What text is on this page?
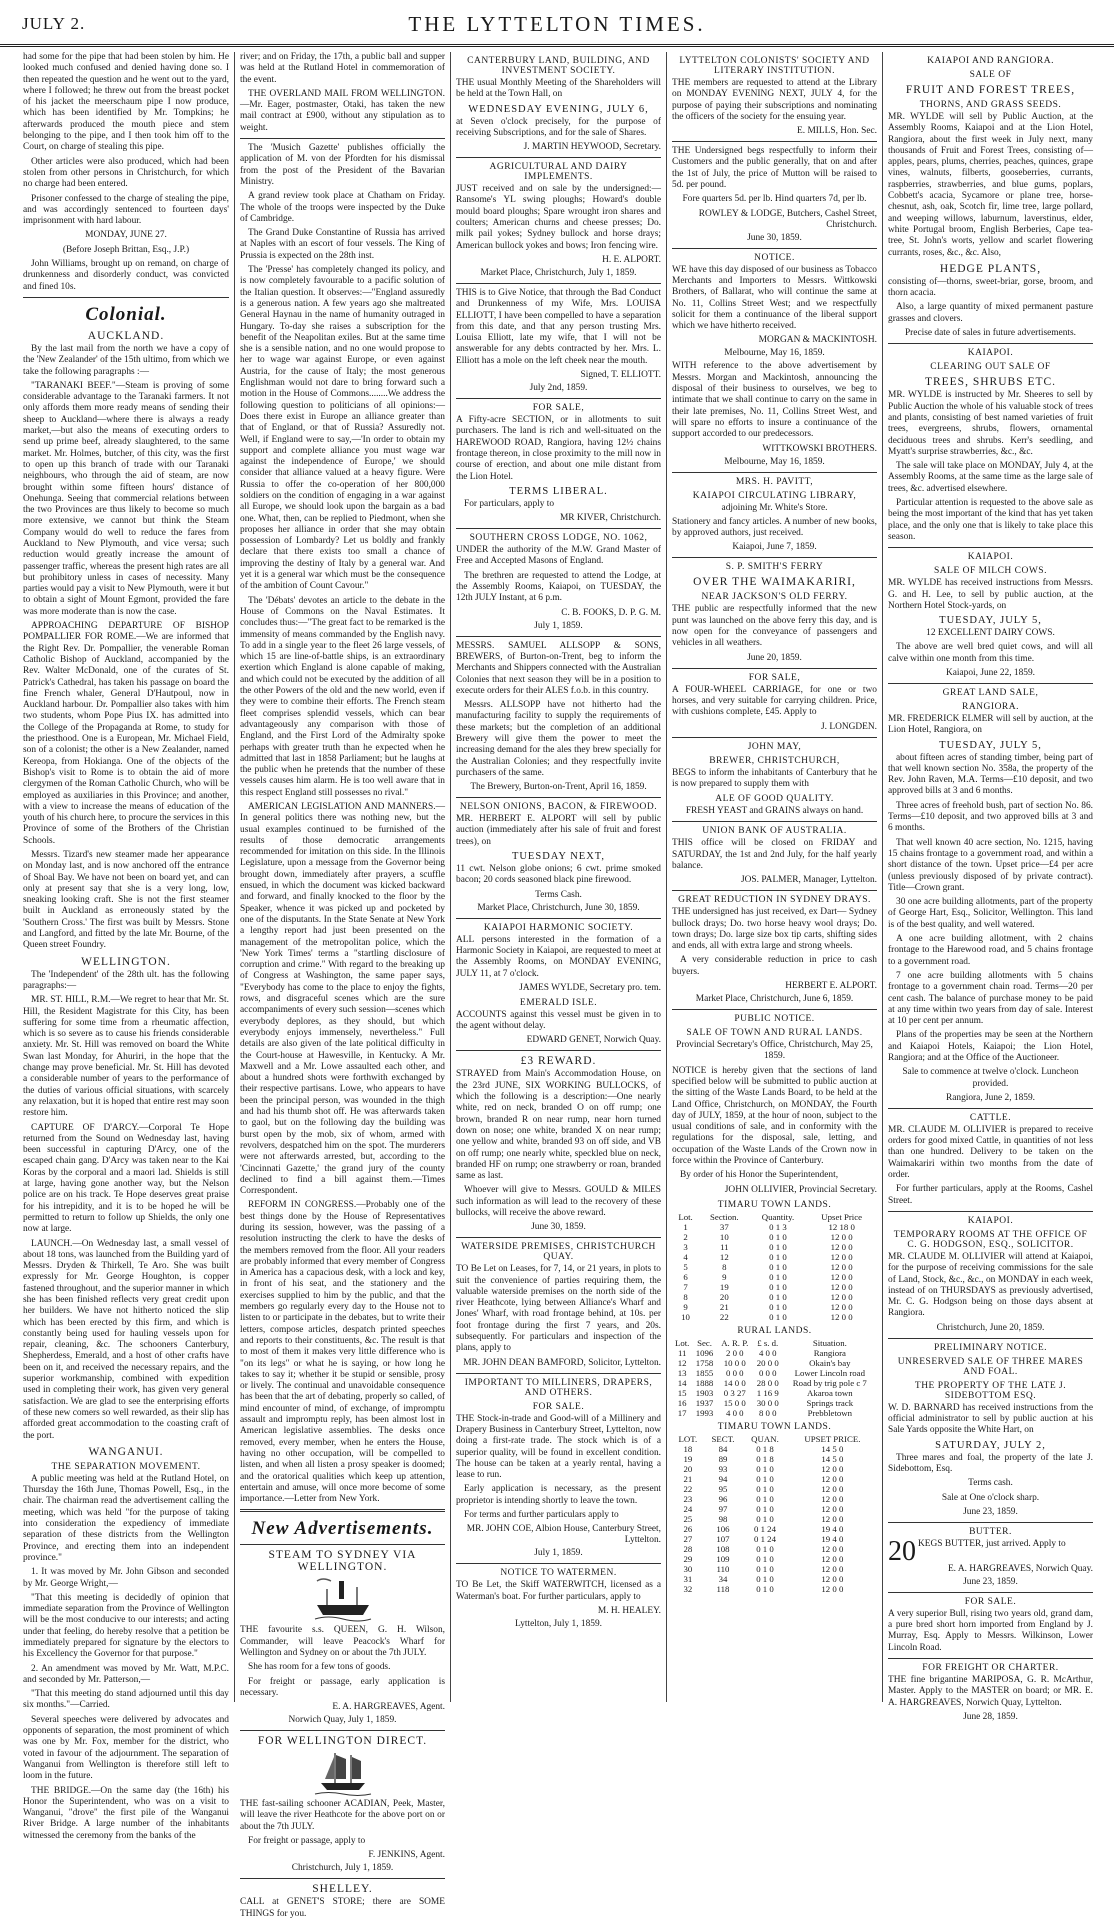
JULY 2.	THE LYTTELTON TIMES.

had some for the pipe that had been stolen by him. He looked much confused and denied having done so. I then repeated the question and he went out to the yard, where I followed; he threw out from the breast pocket of his jacket the meerschaum pipe I now produce, which has been identified by Mr. Tompkins; he afterwards produced the mouth piece and stem belonging to the pipe, and I then took him off to the Court, on charge of stealing this pipe.

Other articles were also produced, which had been stolen from other persons in Christchurch, for which no charge had been entered.

Prisoner confessed to the charge of stealing the pipe, and was accordingly sentenced to fourteen days' imprisonment with hard labour.

MONDAY, JUNE 27.

(Before Joseph Brittan, Esq., J.P.)

John Williams, brought up on remand, on charge of drunkenness and disorderly conduct, was convicted and fined 10s.

Colonial.
AUCKLAND.

By the last mail from the north we have a copy of the 'New Zealander' of the 15th ultimo, from which we take the following paragraphs :—

"TARANAKI BEEF."—Steam is proving of some considerable advantage to the Taranaki farmers. It not only affords them more ready means of sending their sheep to Auckland—where there is always a ready market,—but also the means of executing orders to send up prime beef, already slaughtered, to the same market. Mr. Holmes, butcher, of this city, was the first to open up this branch of trade with our Taranaki neighbours, who through the aid of steam, are now brought within some fifteen hours' distance of Onehunga. Seeing that commercial relations between the two Provinces are thus likely to become so much more extensive, we cannot but think the Steam Company would do well to reduce the fares from Auckland to New Plymouth, and vice versa; such reduction would greatly increase the amount of passenger traffic, whereas the present high rates are all but prohibitory unless in cases of necessity. Many parties would pay a visit to New Plymouth, were it but to obtain a sight of Mount Egmont, provided the fare was more moderate than is now the case.

APPROACHING DEPARTURE OF BISHOP POMPALLIER FOR ROME.—We are informed that the Right Rev. Dr. Pompallier, the venerable Roman Catholic Bishop of Auckland, accompanied by the Rev. Walter McDonald, one of the curates of St. Patrick's Cathedral, has taken his passage on board the fine French whaler, General D'Hautpoul, now in Auckland harbour. Dr. Pompallier also takes with him two students, whom Pope Pius IX. has admitted into the College of the Propaganda at Rome, to study for the priesthood. One is a European, Mr. Michael Field, son of a colonist; the other is a New Zealander, named Kereopa, from Hokianga. One of the objects of the Bishop's visit to Rome is to obtain the aid of more clergymen of the Roman Catholic Church, who will be employed as auxiliaries in this Province; and another, with a view to increase the means of education of the youth of his church here, to procure the services in this Province of some of the Brothers of the Christian Schools.

Messrs. Tizard's new steamer made her appearance on Monday last, and is now anchored off the entrance of Shoal Bay. We have not been on board yet, and can only at present say that she is a very long, low, sneaking looking craft. She is not the first steamer built in Auckland as erroneously stated by the 'Southern Cross.' The first was built by Messrs. Stone and Langford, and fitted by the late Mr. Bourne, of the Queen street Foundry.

WELLINGTON.

The 'Independent' of the 28th ult. has the following paragraphs:—

MR. ST. HILL, R.M.—We regret to hear that Mr. St. Hill, the Resident Magistrate for this City, has been suffering for some time from a rheumatic affection, which is so severe as to cause his friends considerable anxiety. Mr. St. Hill was removed on board the White Swan last Monday, for Ahuriri, in the hope that the change may prove beneficial. Mr. St. Hill has devoted a considerable number of years to the performance of the duties of various official situations, with scarcely any relaxation, but it is hoped that entire rest may soon restore him.

CAPTURE OF D'ARCY.—Corporal Te Hope returned from the Sound on Wednesday last, having been successful in capturing D'Arcy, one of the escaped chain gang. D'Arcy was taken near to the Kai Koras by the corporal and a maori lad. Shields is still at large, having gone another way, but the Nelson police are on his track. Te Hope deserves great praise for his intrepidity, and it is to be hoped he will be permitted to return to follow up Shields, the only one now at large.

LAUNCH.—On Wednesday last, a small vessel of about 18 tons, was launched from the Building yard of Messrs. Dryden & Thirkell, Te Aro. She was built expressly for Mr. George Houghton, is copper fastened throughout, and the superior manner in which she has been finished reflects very great credit upon her builders. We have not hitherto noticed the slip which has been erected by this firm, and which is constantly being used for hauling vessels upon for repair, cleaning, &c. The schooners Canterbury, Shepherdess, Emerald, and a host of other crafts have been on it, and received the necessary repairs, and the superior workmanship, combined with expedition used in completing their work, has given very general satisfaction. We are glad to see the enterprising efforts of these new comers so well rewarded, as their slip has afforded great accommodation to the coasting craft of the port.

WANGANUI.
THE SEPARATION MOVEMENT.

A public meeting was held at the Rutland Hotel, on Thursday the 16th June, Thomas Powell, Esq., in the chair. The chairman read the advertisement calling the meeting, which was held "for the purpose of taking into consideration the expediency of immediate separation of these districts from the Wellington Province, and erecting them into an independent province."

1. It was moved by Mr. John Gibson and seconded by Mr. George Wright,—

"That this meeting is decidedly of opinion that immediate separation from the Province of Wellington will be the most conducive to our interests; and acting under that feeling, do hereby resolve that a petition be immediately prepared for signature by the electors to his Excellency the Governor for that purpose."

2. An amendment was moved by Mr. Watt, M.P.C. and seconded by Mr. Patterson,—

"That this meeting do stand adjourned until this day six months."—Carried.

Several speeches were delivered by advocates and opponents of separation, the most prominent of which was one by Mr. Fox, member for the district, who voted in favour of the adjournment. The separation of Wanganui from Wellington is therefore still left to loom in the future.

THE BRIDGE.—On the same day (the 16th) his Honor the Superintendent, who was on a visit to Wanganui, "drove" the first pile of the Wanganui River Bridge. A large number of the inhabitants witnessed the ceremony from the banks of the

river; and on Friday, the 17th, a public ball and supper was held at the Rutland Hotel in commemoration of the event.

THE OVERLAND MAIL FROM WELLINGTON.—Mr. Eager, postmaster, Otaki, has taken the new mail contract at £900, without any stipulation as to weight.

The 'Musich Gazette' publishes officially the application of M. von der Pfordten for his dismissal from the post of the President of the Bavarian Ministry.

A grand review took place at Chatham on Friday. The whole of the troops were inspected by the Duke of Cambridge.

The Grand Duke Constantine of Russia has arrived at Naples with an escort of four vessels. The King of Prussia is expected on the 28th inst.

The 'Presse' has completely changed its policy, and is now completely favourable to a pacific solution of the Italian question. It observes:—"England assuredly is a generous nation. A few years ago she maltreated General Haynau in the name of humanity outraged in Hungary. To-day she raises a subscription for the benefit of the Neapolitan exiles. But at the same time she is a sensible nation, and no one would propose to her to wage war against Europe, or even against Austria, for the cause of Italy; the most generous Englishman would not dare to bring forward such a motion in the House of Commons........We address the following question to politicians of all opinions:—Does there exist in Europe an alliance greater than that of England, or that of Russia? Assuredly not. Well, if England were to say,—'In order to obtain my support and complete alliance you must wage war against the independence of Europe,' we should consider that alliance valued at a heavy figure. Were Russia to offer the co-operation of her 800,000 soldiers on the condition of engaging in a war against all Europe, we should look upon the bargain as a bad one. What, then, can be replied to Piedmont, when she proposes her alliance in order that she may obtain possession of Lombardy? Let us boldly and frankly declare that there exists too small a chance of improving the destiny of Italy by a general war. And yet it is a general war which must be the consequence of the ambition of Count Cavour."

The 'Débats' devotes an article to the debate in the House of Commons on the Naval Estimates. It concludes thus:—"The great fact to be remarked is the immensity of means commanded by the English navy. To add in a single year to the fleet 26 large vessels, of which 15 are line-of-battle ships, is an extraordinary exertion which England is alone capable of making, and which could not be executed by the addition of all the other Powers of the old and the new world, even if they were to combine their efforts. The French steam fleet comprises splendid vessels, which can bear advantageously any comparison with those of England, and the First Lord of the Admiralty spoke perhaps with greater truth than he expected when he admitted that last in 1858 Parliament; but he laughs at the public when he pretends that the number of these vessels causes him alarm. He is too well aware that in this respect England still possesses no rival."

AMERICAN LEGISLATION AND MANNERS.—In general politics there was nothing new, but the usual examples continued to be furnished of the results of those democratic arrangements recommended for imitation on this side. In the Illinois Legislature, upon a message from the Governor being brought down, immediately after prayers, a scuffle ensued, in which the document was kicked backward and forward, and finally knocked to the floor by the Speaker, whence it was picked up and pocketed by one of the disputants. In the State Senate at New York a lengthy report had just been presented on the management of the metropolitan police, which the 'New York Times' terms a "startling disclosure of corruption and crime." With regard to the breaking up of Congress at Washington, the same paper says, "Everybody has come to the place to enjoy the fights, rows, and disgraceful scenes which are the sure accompaniments of every such session—scenes which everybody deplores, as they should, but which everybody enjoys immensely, nevertheless." Full details are also given of the late political difficulty in the Court-house at Hawesville, in Kentucky. A Mr. Maxwell and a Mr. Lowe assaulted each other, and about a hundred shots were forthwith exchanged by their respective partisans. Lowe, who appears to have been the principal person, was wounded in the thigh and had his thumb shot off. He was afterwards taken to gaol, but on the following day the building was burst open by the mob, six of whom, armed with revolvers, despatched him on the spot. The murderers were not afterwards arrested, but, according to the 'Cincinnati Gazette,' the grand jury of the county declined to find a bill against them.—Times Correspondent.

REFORM IN CONGRESS.—Probably one of the best things done by the House of Representatives during its session, however, was the passing of a resolution instructing the clerk to have the desks of the members removed from the floor. All your readers are probably informed that every member of Congress in America has a capacious desk, with a lock and key, in front of his seat, and the stationery and the exercises supplied to him by the public, and that the members go regularly every day to the House not to listen to or participate in the debates, but to write their letters, compose articles, despatch printed speeches and reports to their constituents, &c. The result is that to most of them it makes very little difference who is "on its legs" or what he is saying, or how long he takes to say it; whether it be stupid or sensible, prosy or lively. The continual and unavoidable consequence has been that the art of debating, properly so called, of mind encounter of mind, of exchange, of impromptu assault and impromptu reply, has been almost lost in American legislative assemblies. The desks once removed, every member, when he enters the House, having no other occupation, will be compelled to listen, and when all listen a prosy speaker is doomed; and the oratorical qualities which keep up attention, entertain and amuse, will once more become of some importance.—Letter from New York.

New Advertisements.
STEAM TO SYDNEY VIA WELLINGTON.

THE favourite s.s. QUEEN, G. H. Wilson, Commander, will leave Peacock's Wharf for Wellington and Sydney on or about the 7th JULY.

She has room for a few tons of goods.

For freight or passage, early application is necessary.

E. A. HARGREAVES, Agent.
Norwich Quay, July 1, 1859.
FOR WELLINGTON DIRECT.

THE fast-sailing schooner ACADIAN, Peek, Master, will leave the river Heathcote for the above port on or about the 7th JULY.

For freight or passage, apply to

F. JENKINS, Agent.
Christchurch, July 1, 1859.
SHELLEY.

CALL at GENET'S STORE; there are SOME THINGS for you.

CANTERBURY LAND, BUILDING, AND INVESTMENT SOCIETY.

THE usual Monthly Meeting of the Shareholders will be held at the Town Hall, on

WEDNESDAY EVENING, JULY 6,

at Seven o'clock precisely, for the purpose of receiving Subscriptions, and for the sale of Shares.

J. MARTIN HEYWOOD, Secretary.
AGRICULTURAL AND DAIRY IMPLEMENTS.

JUST received and on sale by the undersigned:— Ransome's YL swing ploughs; Howard's double mould board ploughs; Spare wrought iron shares and coulters; American churns and cheese presses; Do. milk pail yokes; Sydney bullock and horse drays; American bullock yokes and bows; Iron fencing wire.

H. E. ALPORT.
Market Place, Christchurch, July 1, 1859.

THIS is to Give Notice, that through the Bad Conduct and Drunkenness of my Wife, Mrs. LOUISA ELLIOTT, I have been compelled to have a separation from this date, and that any person trusting Mrs. Louisa Elliott, late my wife, that I will not be answerable for any debts contracted by her. Mrs. L. Elliott has a mole on the left cheek near the mouth.

Signed, T. ELLIOTT.
July 2nd, 1859.
FOR SALE,

A Fifty-acre SECTION, or in allotments to suit purchasers. The land is rich and well-situated on the HAREWOOD ROAD, Rangiora, having 12½ chains frontage thereon, in close proximity to the mill now in course of erection, and about one mile distant from the Lion Hotel.

TERMS LIBERAL.

For particulars, apply to

MR KIVER, Christchurch.
SOUTHERN CROSS LODGE, NO. 1062,

UNDER the authority of the M.W. Grand Master of Free and Accepted Masons of England.

The brethren are requested to attend the Lodge, at the Assembly Rooms, Kaiapoi, on TUESDAY, the 12th JULY Instant, at 6 p.m.

C. B. FOOKS, D. P. G. M.
July 1, 1859.

MESSRS. SAMUEL ALLSOPP & SONS, BREWERS, of Burton-on-Trent, beg to inform the Merchants and Shippers connected with the Australian Colonies that next season they will be in a position to execute orders for their ALES f.o.b. in this country.

Messrs. ALLSOPP have not hitherto had the manufacturing facility to supply the requirements of these markets; but the completion of an additional Brewery will give them the power to meet the increasing demand for the ales they brew specially for the Australian Colonies; and they respectfully invite purchasers of the same.

The Brewery, Burton-on-Trent, April 16, 1859.
NELSON ONIONS, BACON, & FIREWOOD.

MR. HERBERT E. ALPORT will sell by public auction (immediately after his sale of fruit and forest trees), on

TUESDAY NEXT,

11 cwt. Nelson globe onions; 6 cwt. prime smoked bacon; 20 cords seasoned black pine firewood.

Terms Cash.
Market Place, Christchurch, June 30, 1859.
KAIAPOI HARMONIC SOCIETY.

ALL persons interested in the formation of a Harmonic Society in Kaiapoi, are requested to meet at the Assembly Rooms, on MONDAY EVENING, JULY 11, at 7 o'clock.

JAMES WYLDE, Secretary pro. tem.
EMERALD ISLE.

ACCOUNTS against this vessel must be given in to the agent without delay.

EDWARD GENET, Norwich Quay.
£3 REWARD.

STRAYED from Main's Accommodation House, on the 23rd JUNE, SIX WORKING BULLOCKS, of which the following is a description:—One nearly white, red on neck, branded O on off rump; one brown, branded R on near rump, near horn turned down on nose; one white, branded X on near rump; one yellow and white, branded 93 on off side, and VB on off rump; one nearly white, speckled blue on neck, branded HF on rump; one strawberry or roan, branded same as last.

Whoever will give to Messrs. GOULD & MILES such information as will lead to the recovery of these bullocks, will receive the above reward.

June 30, 1859.
WATERSIDE PREMISES, CHRISTCHURCH QUAY.

TO Be Let on Leases, for 7, 14, or 21 years, in plots to suit the convenience of parties requiring them, the valuable waterside premises on the north side of the river Heathcote, lying between Alliance's Wharf and Jones' Wharf, with road frontage behind, at 10s. per foot frontage during the first 7 years, and 20s. subsequently. For particulars and inspection of the plans, apply to

MR. JOHN DEAN BAMFORD, Solicitor, Lyttelton.
IMPORTANT TO MILLINERS, DRAPERS, AND OTHERS.
FOR SALE.

THE Stock-in-trade and Good-will of a Millinery and Drapery Business in Canterbury Street, Lyttelton, now doing a first-rate trade. The stock which is of a superior quality, will be found in excellent condition. The house can be taken at a yearly rental, having a lease to run.

Early application is necessary, as the present proprietor is intending shortly to leave the town.

For terms and further particulars apply to

MR. JOHN COE, Albion House, Canterbury Street, Lyttelton.
July 1, 1859.
NOTICE TO WATERMEN.

TO Be Let, the Skiff WATERWITCH, licensed as a Waterman's boat. For further particulars, apply to

M. H. HEALEY.
Lyttelton, July 1, 1859.
LYTTELTON COLONISTS' SOCIETY AND LITERARY INSTITUTION.

THE members are requested to attend at the Library on MONDAY EVENING NEXT, JULY 4, for the purpose of paying their subscriptions and nominating the officers of the society for the ensuing year.

E. MILLS, Hon. Sec.

THE Undersigned begs respectfully to inform their Customers and the public generally, that on and after the 1st of July, the price of Mutton will be raised to 5d. per pound.

Fore quarters 5d. per lb. Hind quarters 7d, per lb.

ROWLEY & LODGE, Butchers, Cashel Street, Christchurch.
June 30, 1859.
NOTICE.

WE have this day disposed of our business as Tobacco Merchants and Importers to Messrs. Wittkowski Brothers, of Ballarat, who will continue the same at No. 11, Collins Street West; and we respectfully solicit for them a continuance of the liberal support which we have hitherto received.

MORGAN & MACKINTOSH.
Melbourne, May 16, 1859.

WITH reference to the above advertisement by Messrs. Morgan and Mackintosh, announcing the disposal of their business to ourselves, we beg to intimate that we shall continue to carry on the same in their late premises, No. 11, Collins Street West, and will spare no efforts to insure a continuance of the support accorded to our predecessors.

WITTKOWSKI BROTHERS.
Melbourne, May 16, 1859.
MRS. H. PAVITT,
KAIAPOI CIRCULATING LIBRARY,

adjoining Mr. White's Store.

Stationery and fancy articles. A number of new books, by approved authors, just received.

Kaiapoi, June 7, 1859.
S. P. SMITH'S FERRY
OVER THE WAIMAKARIRI,
NEAR JACKSON'S OLD FERRY.

THE public are respectfully informed that the new punt was launched on the above ferry this day, and is now open for the conveyance of passengers and vehicles in all weathers.

June 20, 1859.
FOR SALE,

A FOUR-WHEEL CARRIAGE, for one or two horses, and very suitable for carrying children. Price, with cushions complete, £45. Apply to

J. LONGDEN.
JOHN MAY,
BREWER, CHRISTCHURCH,

BEGS to inform the inhabitants of Canterbury that he is now prepared to supply them with

ALE OF GOOD QUALITY.

FRESH YEAST and GRAINS always on hand.

UNION BANK OF AUSTRALIA.

THIS office will be closed on FRIDAY and SATURDAY, the 1st and 2nd July, for the half yearly balance.

JOS. PALMER, Manager, Lyttelton.
GREAT REDUCTION IN SYDNEY DRAYS.

THE undersigned has just received, ex Dart— Sydney bullock drays; Do. two horse heavy wool drays; Do. town drays; Do. large size box tip carts, shifting sides and ends, all with extra large and strong wheels.

A very considerable reduction in price to cash buyers.

HERBERT E. ALPORT.
Market Place, Christchurch, June 6, 1859.
PUBLIC NOTICE.
SALE OF TOWN AND RURAL LANDS.

Provincial Secretary's Office, Christchurch, May 25, 1859.

NOTICE is hereby given that the sections of land specified below will be submitted to public auction at the sitting of the Waste Lands Board, to be held at the Land Office, Christchurch, on MONDAY, the Fourth day of JULY, 1859, at the hour of noon, subject to the usual conditions of sale, and in conformity with the regulations for the disposal, sale, letting, and occupation of the Waste Lands of the Crown now in force within the Province of Canterbury.

By order of his Honor the Superintendent,

JOHN OLLIVIER, Provincial Secretary.
TIMARU TOWN LANDS.
Lot.	Section.	Quantity.	Upset Price
1	37	0 1 3	12 18 0
2	10	0 1 0	12 0 0
3	11	0 1 0	12 0 0
4	12	0 1 0	12 0 0
5	8	0 1 0	12 0 0
6	9	0 1 0	12 0 0
7	19	0 1 0	12 0 0
8	20	0 1 0	12 0 0
9	21	0 1 0	12 0 0
10	22	0 1 0	12 0 0
RURAL LANDS.
Lot.	Sec.	A. R. P.	£ s. d.	Situation.
11	1096	2 0 0	4 0 0	Rangiora
12	1758	10 0 0	20 0 0	Okain's bay
13	1855	0 0 0	0 0 0	Lower Lincoln road
14	1888	14 0 0	28 0 0	Road by trig pole c 7
15	1903	0 3 27	1 16 9	Akaroa town
16	1937	15 0 0	30 0 0	Springs track
17	1993	4 0 0	8 0 0	Prebbletown
TIMARU TOWN LANDS.
LOT.	SECT.	QUAN.	UPSET PRICE.
18	84	0 1 8	14 5 0
19	89	0 1 8	14 5 0
20	93	0 1 0	12 0 0
21	94	0 1 0	12 0 0
22	95	0 1 0	12 0 0
23	96	0 1 0	12 0 0
24	97	0 1 0	12 0 0
25	98	0 1 0	12 0 0
26	106	0 1 24	19 4 0
27	107	0 1 24	19 4 0
28	108	0 1 0	12 0 0
29	109	0 1 0	12 0 0
30	110	0 1 0	12 0 0
31	34	0 1 0	12 0 0
32	118	0 1 0	12 0 0
KAIAPOI AND RANGIORA.
SALE OF
FRUIT AND FOREST TREES,
THORNS, AND GRASS SEEDS.

MR. WYLDE will sell by Public Auction, at the Assembly Rooms, Kaiapoi and at the Lion Hotel, Rangiora, about the first week in July next, many thousands of Fruit and Forest Trees, consisting of—apples, pears, plums, cherries, peaches, quinces, grape vines, walnuts, filberts, gooseberries, currants, raspberries, strawberries, and blue gums, poplars, Cobbett's acacia, Sycamore or plane tree, horse-chesnut, ash, oak, Scotch fir, lime tree, large pollard, and weeping willows, laburnum, laverstinus, elder, white Portugal broom, English Berberies, Cape tea-tree, St. John's worts, yellow and scarlet flowering currants, roses, &c., &c. Also,

HEDGE PLANTS,

consisting of—thorns, sweet-briar, gorse, broom, and thorn acacia.

Also, a large quantity of mixed permanent pasture grasses and clovers.

Precise date of sales in future advertisements.

KAIAPOI.
CLEARING OUT SALE OF
TREES, SHRUBS ETC.

MR. WYLDE is instructed by Mr. Sheeres to sell by Public Auction the whole of his valuable stock of trees and plants, consisting of best named varieties of fruit trees, evergreens, shrubs, flowers, ornamental deciduous trees and shrubs. Kerr's seedling, and Myatt's surprise strawberries, &c., &c.

The sale will take place on MONDAY, July 4, at the Assembly Rooms, at the same time as the large sale of trees, &c. advertised elsewhere.

Particular attention is requested to the above sale as being the most important of the kind that has yet taken place, and the only one that is likely to take place this season.

KAIAPOI.
SALE OF MILCH COWS.

MR. WYLDE has received instructions from Messrs. G. and H. Lee, to sell by public auction, at the Northern Hotel Stock-yards, on

TUESDAY, JULY 5,

12 EXCELLENT DAIRY COWS.

The above are well bred quiet cows, and will all calve within one month from this time.

Kaiapoi, June 22, 1859.
GREAT LAND SALE,
RANGIORA.

MR. FREDERICK ELMER will sell by auction, at the Lion Hotel, Rangiora, on

TUESDAY, JULY 5,

about fifteen acres of standing timber, being part of that well known section No. 358a, the property of the Rev. John Raven, M.A. Terms—£10 deposit, and two approved bills at 3 and 6 months.

Three acres of freehold bush, part of section No. 86. Terms—£10 deposit, and two approved bills at 3 and 6 months.

That well known 40 acre section, No. 1215, having 15 chains frontage to a government road, and within a short distance of the town. Upset price—£4 per acre (unless previously disposed of by private contract). Title—Crown grant.

30 one acre building allotments, part of the property of George Hart, Esq., Solicitor, Wellington. This land is of the best quality, and well watered.

A one acre building allotment, with 2 chains frontage to the Harewood road, and 5 chains frontage to a government road.

7 one acre building allotments with 5 chains frontage to a government chain road. Terms—20 per cent cash. The balance of purchase money to be paid at any time within two years from day of sale. Interest at 10 per cent per annum.

Plans of the properties may be seen at the Northern and Kaiapoi Hotels, Kaiapoi; the Lion Hotel, Rangiora; and at the Office of the Auctioneer.

Sale to commence at twelve o'clock. Luncheon provided.

Rangiora, June 2, 1859.
CATTLE.

MR. CLAUDE M. OLLIVIER is prepared to receive orders for good mixed Cattle, in quantities of not less than one hundred. Delivery to be taken on the Waimakariri within two months from the date of order.

For further particulars, apply at the Rooms, Cashel Street.

KAIAPOI.
TEMPORARY ROOMS AT THE OFFICE OF C. G. HODGSON, ESQ., SOLICITOR.

MR. CLAUDE M. OLLIVIER will attend at Kaiapoi, for the purpose of receiving commissions for the sale of Land, Stock, &c., &c., on MONDAY in each week, instead of on THURSDAYS as previously advertised, Mr. C. G. Hodgson being on those days absent at Rangiora.

Christchurch, June 20, 1859.
PRELIMINARY NOTICE.
UNRESERVED SALE OF THREE MARES AND FOAL.
THE PROPERTY OF THE LATE J. SIDEBOTTOM ESQ.

W. D. BARNARD has received instructions from the official administrator to sell by public auction at his Sale Yards opposite the White Hart, on

SATURDAY, JULY 2,

Three mares and foal, the property of the late J. Sidebottom, Esq.

Terms cash.

Sale at One o'clock sharp.

June 23, 1859.
BUTTER.

20 KEGS BUTTER, just arrived. Apply to

E. A. HARGREAVES, Norwich Quay.
June 23, 1859.
FOR SALE.

A very superior Bull, rising two years old, grand dam, a pure bred short horn imported from England by J. Murray, Esq. Apply to Messrs. Wilkinson, Lower Lincoln Road.

FOR FREIGHT OR CHARTER.

THE fine brigantine MARIPOSA, G. R. McArthur, Master. Apply to the MASTER on board; or MR. E. A. HARGREAVES, Norwich Quay, Lyttelton.

June 28, 1859.
